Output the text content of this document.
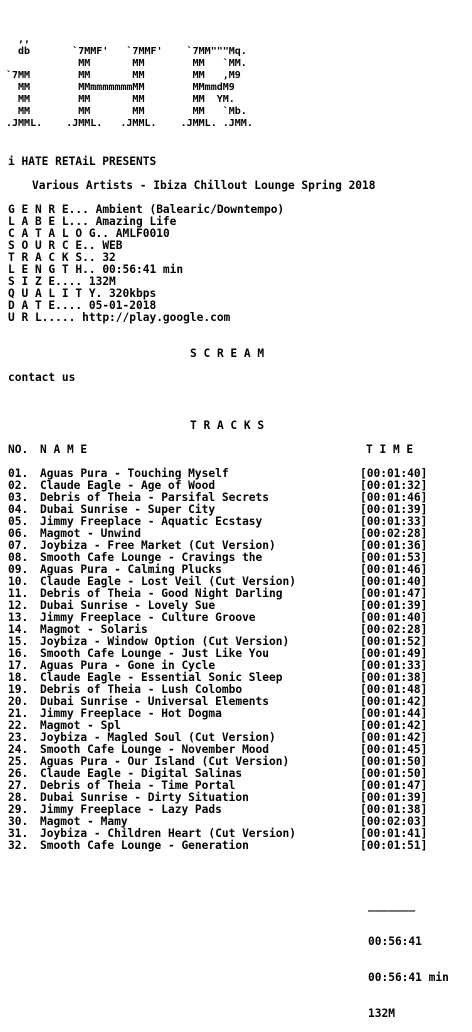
,,
db       `7MMF'   `7MMF'    `7MM"""Mq.
MM       MM        MM   `MM.
`7MM        MM       MM        MM   ,M9
MM        MMmmmmmmmMM        MMmmdM9
MM        MM       MM        MM  YM.
MM        MM       MM        MM   `Mb.
.JMML.    .JMML.   .JMML.    .JMML. .JMM.
i HATE RETAiL PRESENTS
Various Artists - Ibiza Chillout Lounge Spring 2018
G E N R E... Ambient (Balearic/Downtempo)
L A B E L... Amazing Life
C A T A L O G.. AMLF0010
S O U R C E.. WEB
T R A C K S.. 32
L E N G T H.. 00:56:41 min
S I Z E.... 132M
Q U A L I T Y. 320kbps
D A T E.... 05-01-2018
U R L..... http://play.google.com
S C R E A M
contact us
T R A C K S
NO. N A M E	T I M E
01. Aguas Pura - Touching Myself	[00:01:40]
02. Claude Eagle - Age of Wood	[00:01:32]
03. Debris of Theia - Parsifal Secrets	[00:01:46]
04. Dubai Sunrise - Super City	[00:01:39]
05. Jimmy Freeplace - Aquatic Ecstasy	[00:01:33]
06. Magmot - Unwind	[00:02:28]
07. Joybiza - Free Market (Cut Version)	[00:01:36]
08. Smooth Cafe Lounge - Cravings the	[00:01:53]
09. Aguas Pura - Calming Plucks	[00:01:46]
10. Claude Eagle - Lost Veil (Cut Version)	[00:01:40]
11. Debris of Theia - Good Night Darling	[00:01:47]
12. Dubai Sunrise - Lovely Sue	[00:01:39]
13. Jimmy Freeplace - Culture Groove	[00:01:40]
14. Magmot - Solaris	[00:02:28]
15. Joybiza - Window Option (Cut Version)	[00:01:52]
16. Smooth Cafe Lounge - Just Like You	[00:01:49]
17. Aguas Pura - Gone in Cycle	[00:01:33]
18. Claude Eagle - Essential Sonic Sleep	[00:01:38]
19. Debris of Theia - Lush Colombo	[00:01:48]
20. Dubai Sunrise - Universal Elements	[00:01:42]
21. Jimmy Freeplace - Hot Dogma	[00:01:44]
22. Magmot - Spl	[00:01:42]
23. Joybiza - Magled Soul (Cut Version)	[00:01:42]
24. Smooth Cafe Lounge - November Mood	[00:01:45]
25. Aguas Pura - Our Island (Cut Version)	[00:01:50]
26. Claude Eagle - Digital Salinas	[00:01:50]
27. Debris of Theia - Time Portal	[00:01:47]
28. Dubai Sunrise - Dirty Situation	[00:01:39]
29. Jimmy Freeplace - Lazy Pads	[00:01:38]
30. Magmot - Mamy	[00:02:03]
31. Joybiza - Children Heart (Cut Version)	[00:01:41]
32. Smooth Cafe Lounge - Generation	[00:01:51]

_______

00:56:41

00:56:41 min

132M
